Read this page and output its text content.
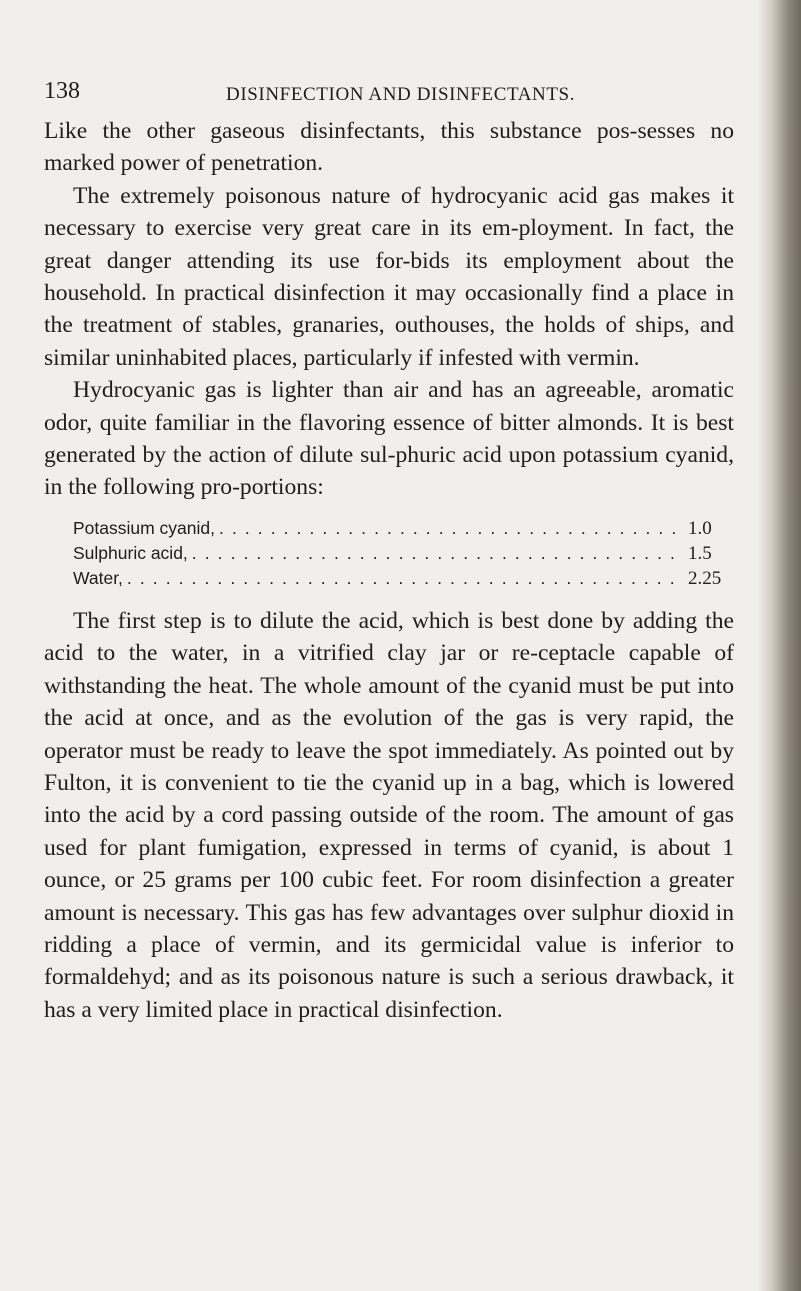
138	DISINFECTION AND DISINFECTANTS.

Like the other gaseous disinfectants, this substance pos-sesses no marked power of penetration.

The extremely poisonous nature of hydrocyanic acid gas makes it necessary to exercise very great care in its em-ployment. In fact, the great danger attending its use for-bids its employment about the household. In practical disinfection it may occasionally find a place in the treatment of stables, granaries, outhouses, the holds of ships, and similar uninhabited places, particularly if infested with vermin.

Hydrocyanic gas is lighter than air and has an agreeable, aromatic odor, quite familiar in the flavoring essence of bitter almonds. It is best generated by the action of dilute sul-phuric acid upon potassium cyanid, in the following pro-portions:

Potassium cyanid, . . .	1.0
Sulphuric acid, . . .	1.5
Water, . . .	2.25

The first step is to dilute the acid, which is best done by adding the acid to the water, in a vitrified clay jar or re-ceptacle capable of withstanding the heat. The whole amount of the cyanid must be put into the acid at once, and as the evolution of the gas is very rapid, the operator must be ready to leave the spot immediately. As pointed out by Fulton, it is convenient to tie the cyanid up in a bag, which is lowered into the acid by a cord passing outside of the room. The amount of gas used for plant fumigation, expressed in terms of cyanid, is about 1 ounce, or 25 grams per 100 cubic feet. For room disinfection a greater amount is necessary. This gas has few advantages over sulphur dioxid in ridding a place of vermin, and its germicidal value is inferior to formaldehyd; and as its poisonous nature is such a serious drawback, it has a very limited place in practical disinfection.
